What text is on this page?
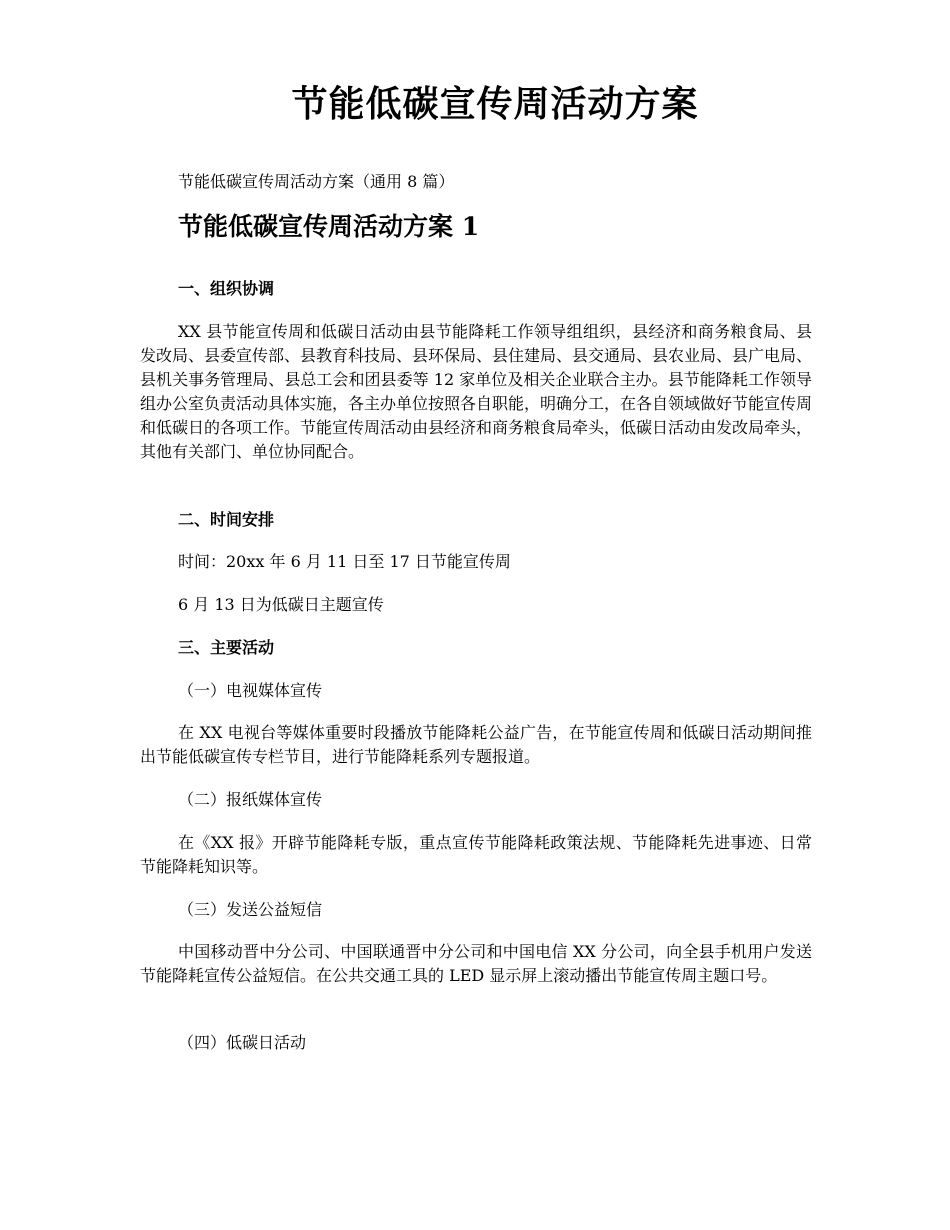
节能低碳宣传周活动方案

节能低碳宣传周活动方案（通用 8 篇）

节能低碳宣传周活动方案 1
一、组织协调

XX 县节能宣传周和低碳日活动由县节能降耗工作领导组组织，县经济和商务粮食局、县发改局、县委宣传部、县教育科技局、县环保局、县住建局、县交通局、县农业局、县广电局、县机关事务管理局、县总工会和团县委等 12 家单位及相关企业联合主办。县节能降耗工作领导组办公室负责活动具体实施，各主办单位按照各自职能，明确分工，在各自领域做好节能宣传周和低碳日的各项工作。节能宣传周活动由县经济和商务粮食局牵头，低碳日活动由发改局牵头，其他有关部门、单位协同配合。

二、时间安排

时间：20xx 年 6 月 11 日至 17 日节能宣传周

6 月 13 日为低碳日主题宣传

三、主要活动

（一）电视媒体宣传

在 XX 电视台等媒体重要时段播放节能降耗公益广告，在节能宣传周和低碳日活动期间推出节能低碳宣传专栏节目，进行节能降耗系列专题报道。

（二）报纸媒体宣传

在《XX 报》开辟节能降耗专版，重点宣传节能降耗政策法规、节能降耗先进事迹、日常节能降耗知识等。

（三）发送公益短信

中国移动晋中分公司、中国联通晋中分公司和中国电信 XX 分公司，向全县手机用户发送节能降耗宣传公益短信。在公共交通工具的 LED 显示屏上滚动播出节能宣传周主题口号。

（四）低碳日活动
